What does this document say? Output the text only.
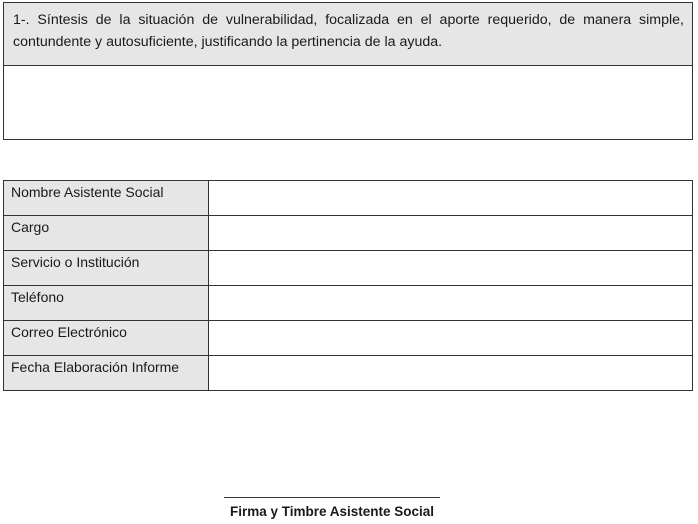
1-. Síntesis de la situación de vulnerabilidad, focalizada en el aporte requerido, de manera simple, contundente y autosuficiente, justificando la pertinencia de la ayuda.
Nombre Asistente Social	
Cargo	
Servicio o Institución	
Teléfono	
Correo Electrónico	
Fecha Elaboración Informe	
Firma y Timbre Asistente Social
